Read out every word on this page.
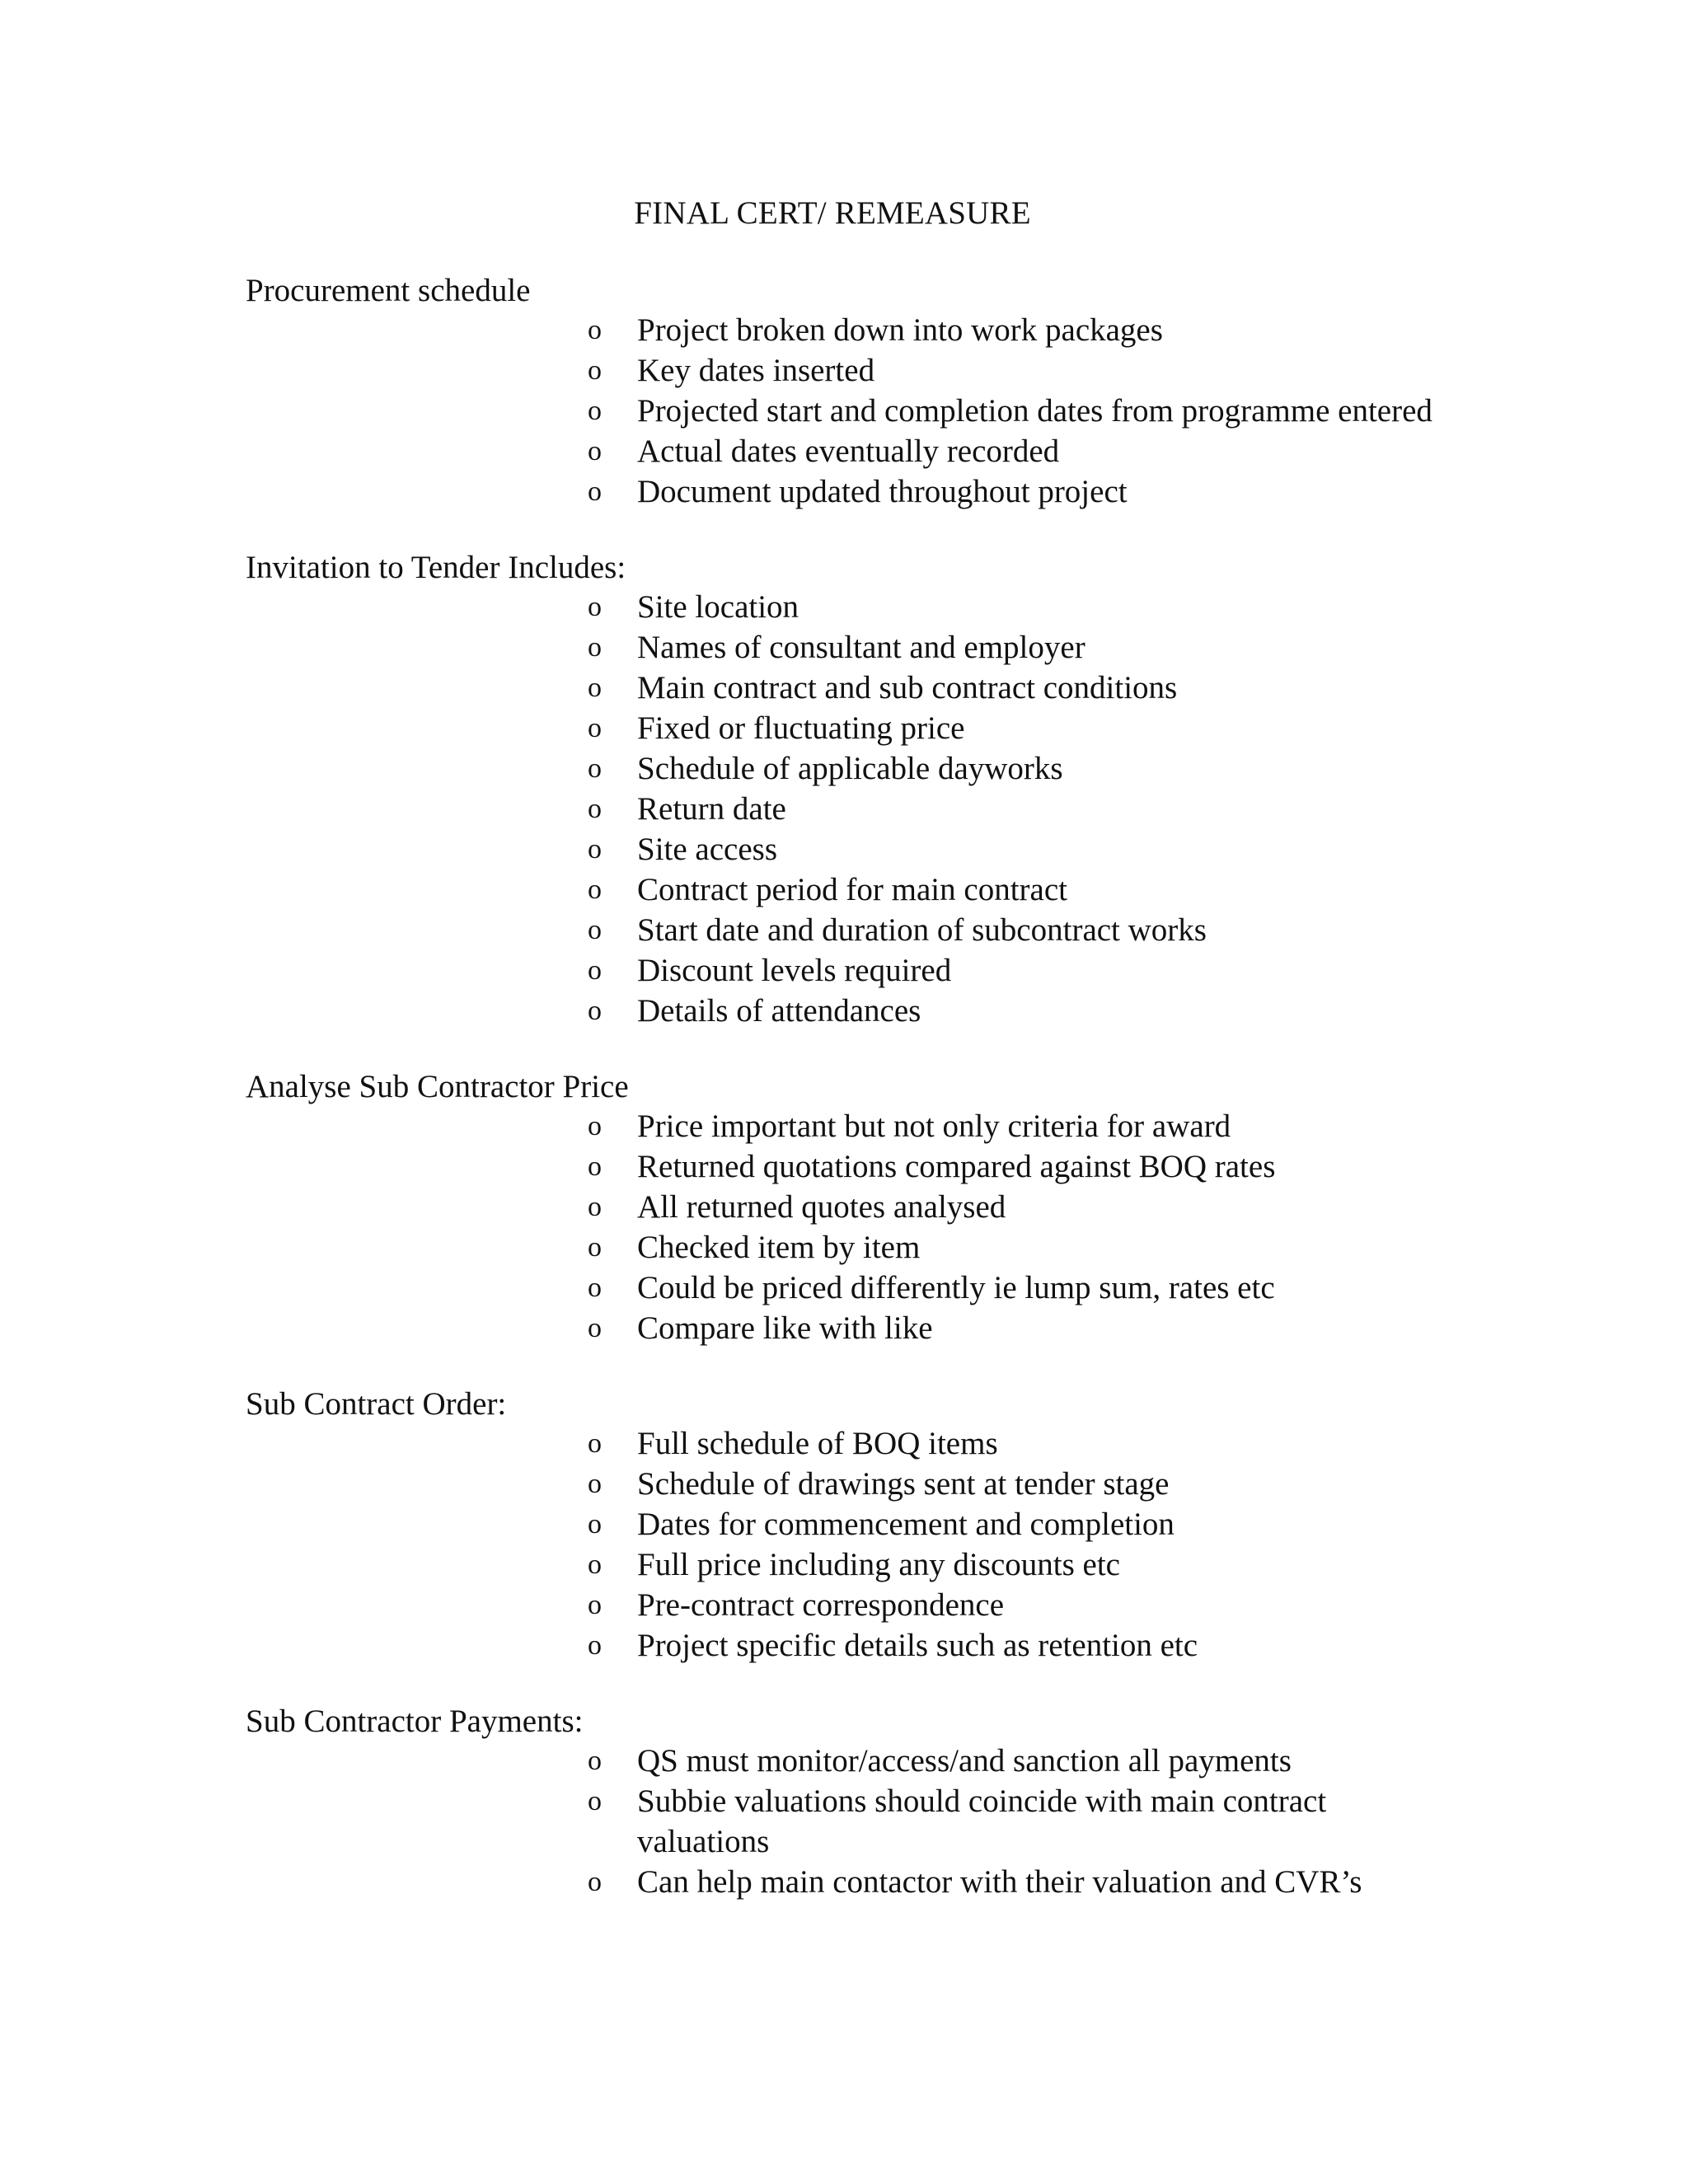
FINAL CERT/ REMEASURE
Procurement schedule
o Project broken down into work packages
o Key dates inserted
o Projected start and completion dates from programme entered
o Actual dates eventually recorded
o Document updated throughout project
Invitation to Tender Includes:
o Site location
o Names of consultant and employer
o Main contract and sub contract conditions
o Fixed or fluctuating price
o Schedule of applicable dayworks
o Return date
o Site access
o Contract period for main contract
o Start date and duration of subcontract works
o Discount levels required
o Details of attendances
Analyse Sub Contractor Price
o Price important but not only criteria for award
o Returned quotations compared against BOQ rates
o All returned quotes analysed
o Checked item by item
o Could be priced differently ie lump sum, rates etc
o Compare like with like
Sub Contract Order:
o Full schedule of BOQ items
o Schedule of drawings sent at tender stage
o Dates for commencement and completion
o Full price including any discounts etc
o Pre-contract correspondence
o Project specific details such as retention etc
Sub Contractor Payments:
o QS must monitor/access/and sanction all payments
o Subbie valuations should coincide with main contract valuations
o Can help main contactor with their valuation and CVR’s
